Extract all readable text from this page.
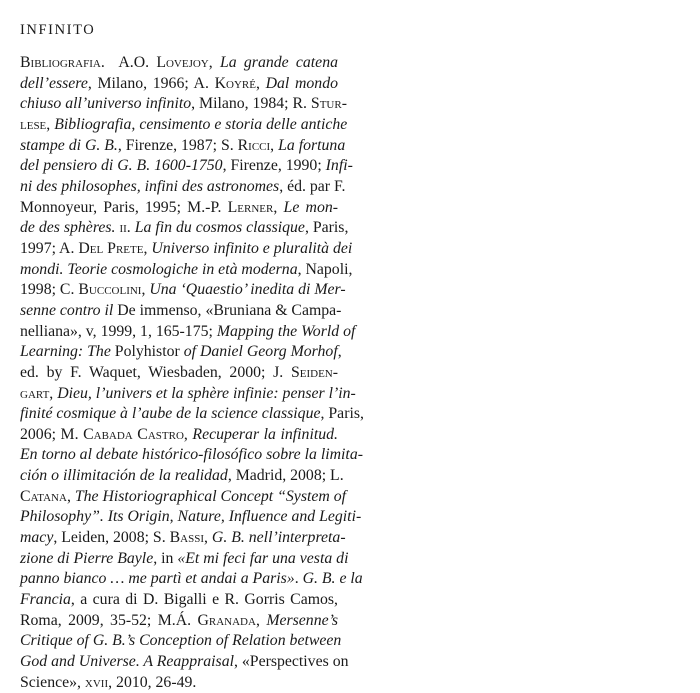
INFINITO
Bibliografia.  A.O. Lovejoy, La grande catena
dell’essere, Milano, 1966; A. Koyré, Dal mondo
chiuso all’universo infinito, Milano, 1984; R. Stur-
lese, Bibliografia, censimento e storia delle antiche
stampe di G. B., Firenze, 1987; S. Ricci, La fortuna
del pensiero di G. B. 1600-1750, Firenze, 1990; Infi-
ni des philosophes, infini des astronomes, éd. par F.
Monnoyeur, Paris, 1995; M.-P. Lerner, Le mon-
de des sphères. ii. La fin du cosmos classique, Paris,
1997; A. Del Prete, Universo infinito e pluralità dei
mondi. Teorie cosmologiche in età moderna, Napoli,
1998; C. Buccolini, Una ‘Quaestio’ inedita di Mer-
senne contro il De immenso, «Bruniana & Campa-
nelliana», v, 1999, 1, 165-175; Mapping the World of
Learning: The Polyhistor of Daniel Georg Morhof,
ed. by F. Waquet, Wiesbaden, 2000; J. Seiden-
gart, Dieu, l’univers et la sphère infinie: penser l’in-
finité cosmique à l’aube de la science classique, Paris,
2006; M. Cabada Castro, Recuperar la infinitud.
En torno al debate histórico-filosófico sobre la limita-
ción o illimitación de la realidad, Madrid, 2008; L.
Catana, The Historiographical Concept “System of
Philosophy”. Its Origin, Nature, Influence and Legiti-
macy, Leiden, 2008; S. Bassi, G. B. nell’interpreta-
zione di Pierre Bayle, in «Et mi feci far una vesta di
panno bianco … me partì et andai a Paris». G. B. e la
Francia, a cura di D. Bigalli e R. Gorris Camos,
Roma, 2009, 35-52; M.Á. Granada, Mersenne’s
Critique of G. B.’s Conception of Relation between
God and Universe. A Reappraisal, «Perspectives on
Science», xvii, 2010, 26-49.
